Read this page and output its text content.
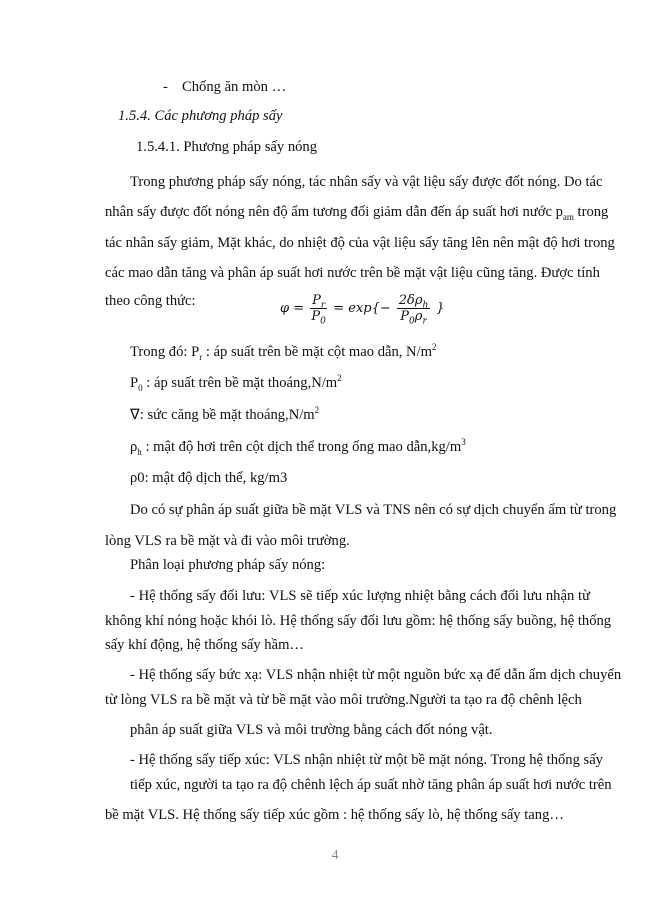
- Chống ăn mòn …
1.5.4. Các phương pháp sấy
1.5.4.1. Phương pháp sấy nóng
Trong phương pháp sấy nóng, tác nhân sấy và vật liệu sấy được đốt nóng. Do tác
nhân sấy được đốt nóng nên độ ẩm tương đối giảm dẫn đến áp suất hơi nước $p_{am}$ trong
tác nhân sấy giảm, Mặt khác, do nhiệt độ của vật liệu sấy tăng lên nên mật độ hơi trong
các mao dẫn tăng và phân áp suất hơi nước trên bề mặt vật liệu cũng tăng. Được tính
theo công thức:	$\varphi = \frac{P_r}{P_0} = \exp\{- \frac{2\delta\rho_h}{P_0\rho_r}$ }
Trong đó: $P_r$ : áp suất trên bề mặt cột mao dẫn, $N/m^2$
$P_0$ : áp suất trên bề mặt $thoáng,N/m^2$
∇: sức căng bề mặt $thoáng,N/m^2$
$\rho_h$ : mật độ hơi trên cột dịch thể trong ống mao $dẫn,kg/m^3$
ρ0: mật độ dịch thể, kg/m3
Do có sự phân áp suất giữa bề mặt VLS và TNS nên có sự dịch chuyển ẩm từ trong
lòng VLS ra bề mặt và đi vào môi trường.
Phân loại phương pháp sấy nóng:
- Hệ thống sấy đối lưu: VLS sẽ tiếp xúc lượng nhiệt bằng cách đối lưu nhận từ
không khí nóng hoặc khói lò. Hệ thống sấy đối lưu gồm: hệ thống sấy buồng, hệ thống
sấy khí động, hệ thống sấy hầm…
- Hệ thống sấy bức xạ: VLS nhận nhiệt từ một nguồn bức xạ để dẫn ẩm dịch chuyển
từ lòng VLS ra bề mặt và từ bề mặt vào môi trường.Người ta tạo ra độ chênh lệch
phân áp suất giữa VLS và môi trường bằng cách đốt nóng vật.
- Hệ thống sấy tiếp xúc: VLS nhận nhiệt từ một bề mặt nóng. Trong hệ thống sấy
tiếp xúc, người ta tạo ra độ chênh lệch áp suất nhờ tăng phân áp suất hơi nước trên
bề mặt VLS. Hệ thống sấy tiếp xúc gồm : hệ thống sấy lò, hệ thống sấy tang…
4
